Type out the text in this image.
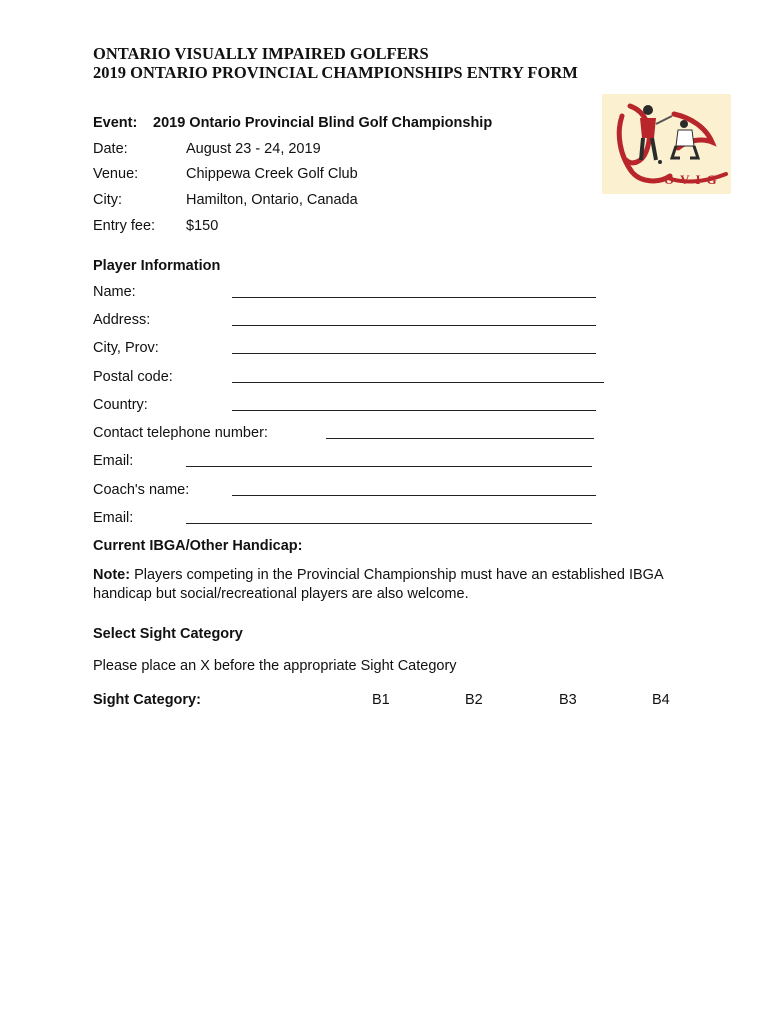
ONTARIO VISUALLY IMPAIRED GOLFERS
2019 ONTARIO PROVINCIAL CHAMPIONSHIPS ENTRY FORM
OVIG
Event: 2019 Ontario Provincial Blind Golf Championship
Date:	August 23 - 24, 2019
Venue:	Chippewa Creek Golf Club
City:	Hamilton, Ontario, Canada
Entry fee: $150
Player Information
Name:
Address:
City, Prov:
Postal code:
Country:
Contact telephone number:
Email:
Coach's name:
Email:
Current IBGA/Other Handicap:
Note: Players competing in the Provincial Championship must have an established IBGA handicap but social/recreational players are also welcome.
Select Sight Category
Please place an X before the appropriate Sight Category
Sight Category:	B1	B2	B3	B4
